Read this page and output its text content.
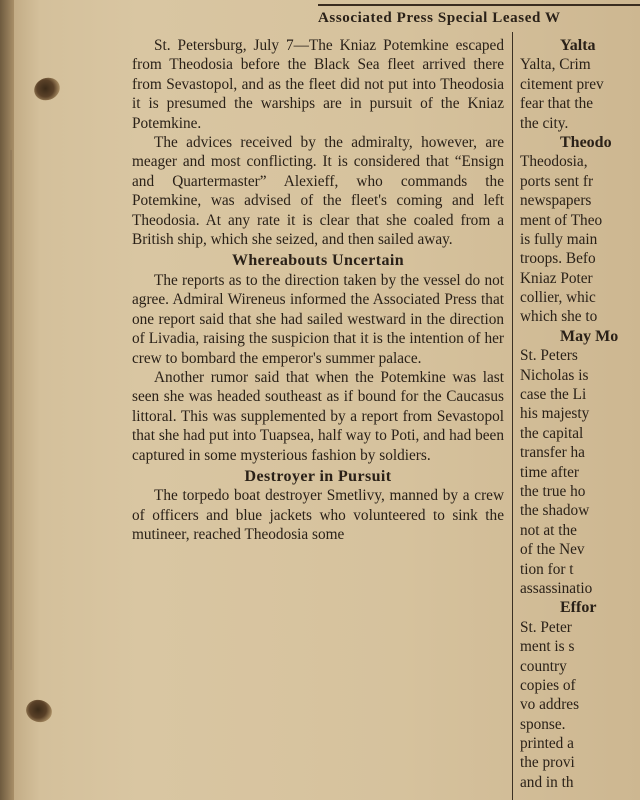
Associated Press Special Leased W

St. Petersburg, July 7—The Kniaz Potemkine escaped from Theodosia before the Black Sea fleet arrived there from Sevastopol, and as the fleet did not put into Theodosia it is presumed the warships are in pursuit of the Kniaz Potemkine.

The advices received by the admiralty, however, are meager and most conflicting. It is considered that “Ensign and Quartermaster” Alexieff, who commands the Potemkine, was advised of the fleet's coming and left Theodosia. At any rate it is clear that she coaled from a British ship, which she seized, and then sailed away.

Whereabouts Uncertain

The reports as to the direction taken by the vessel do not agree. Admiral Wireneus informed the Associated Press that one report said that she had sailed westward in the direction of Livadia, raising the suspicion that it is the intention of her crew to bombard the emperor's summer palace.

Another rumor said that when the Potemkine was last seen she was headed southeast as if bound for the Caucasus littoral. This was supplemented by a report from Sevastopol that she had put into Tuapsea, half way to Poti, and had been captured in some mysterious fashion by soldiers.

Destroyer in Pursuit

The torpedo boat destroyer Smetlivy, manned by a crew of officers and blue jackets who volunteered to sink the mutineer, reached Theodosia some

Yalta
Yalta, Crim
citement prev
fear that the
the city.
Theodo
Theodosia,
ports sent fr
newspapers
ment of Theo
is fully main
troops. Befo
Kniaz Poter
collier, whic
which she to
May Mo
St. Peters
Nicholas is
case the Li
his majesty
the capital
transfer ha
time after
the true ho
the shadow
not at the
of the Nev
tion for t
assassinatio
Effor
St. Peter
ment is s
country
copies of
vo addres
sponse.
printed a
the provi
and in th
